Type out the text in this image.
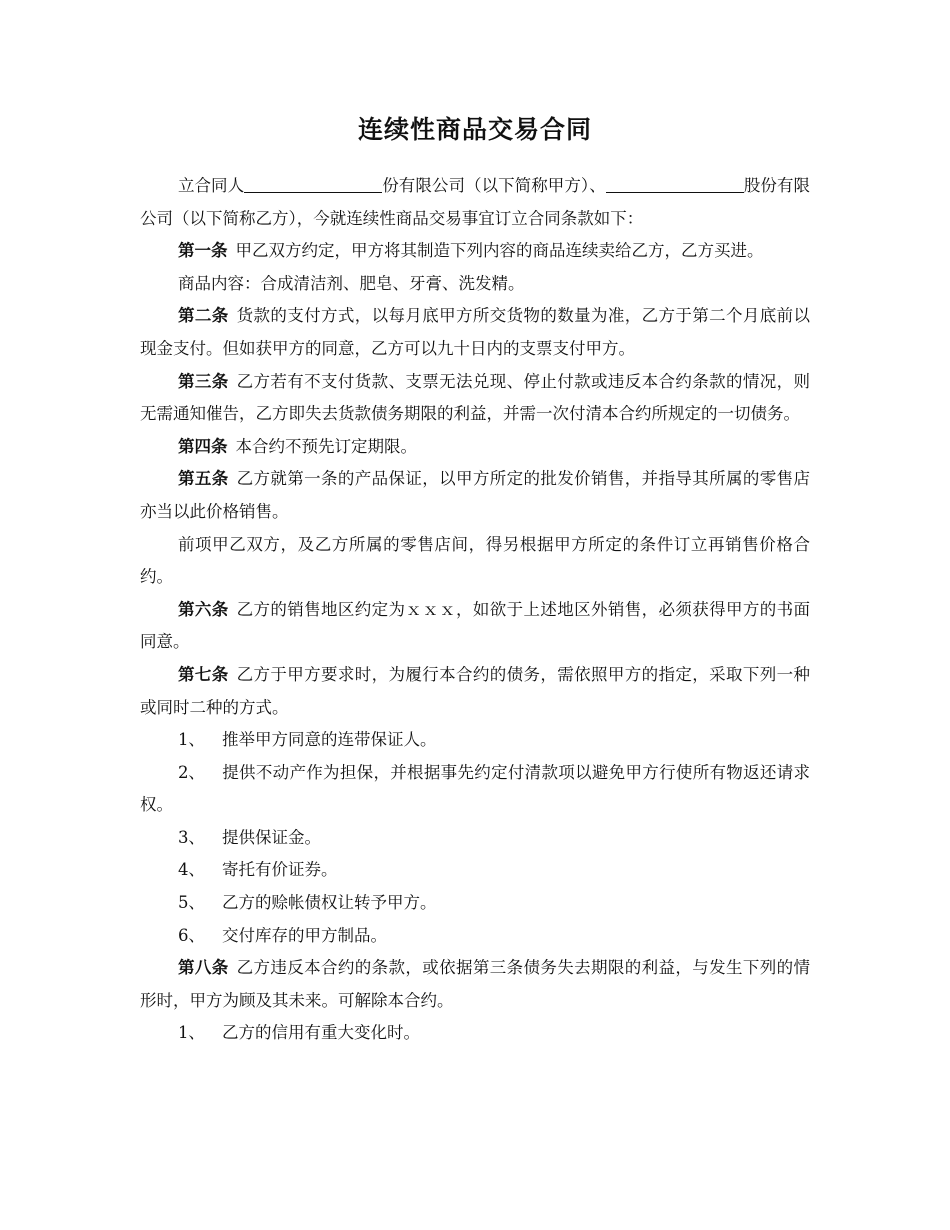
连续性商品交易合同

立合同人	份有限公司（以下简称甲方）、	股份有限公司（以下简称乙方），今就连续性商品交易事宜订立合同条款如下：

第一条 甲乙双方约定，甲方将其制造下列内容的商品连续卖给乙方，乙方买进。

商品内容：合成清洁剂、肥皂、牙膏、洗发精。

第二条 货款的支付方式，以每月底甲方所交货物的数量为准，乙方于第二个月底前以现金支付。但如获甲方的同意，乙方可以九十日内的支票支付甲方。

第三条 乙方若有不支付货款、支票无法兑现、停止付款或违反本合约条款的情况，则无需通知催告，乙方即失去货款债务期限的利益，并需一次付清本合约所规定的一切债务。

第四条 本合约不预先订定期限。

第五条 乙方就第一条的产品保证，以甲方所定的批发价销售，并指导其所属的零售店亦当以此价格销售。

前项甲乙双方，及乙方所属的零售店间，得另根据甲方所定的条件订立再销售价格合约。

第六条 乙方的销售地区约定为ｘｘｘ，如欲于上述地区外销售，必须获得甲方的书面同意。

第七条 乙方于甲方要求时，为履行本合约的债务，需依照甲方的指定，采取下列一种或同时二种的方式。

1、 推举甲方同意的连带保证人。

2、 提供不动产作为担保，并根据事先约定付清款项以避免甲方行使所有物返还请求权。

3、 提供保证金。

4、 寄托有价证券。

5、 乙方的赊帐债权让转予甲方。

6、 交付库存的甲方制品。

第八条 乙方违反本合约的条款，或依据第三条债务失去期限的利益，与发生下列的情形时，甲方为顾及其未来。可解除本合约。

1、 乙方的信用有重大变化时。
